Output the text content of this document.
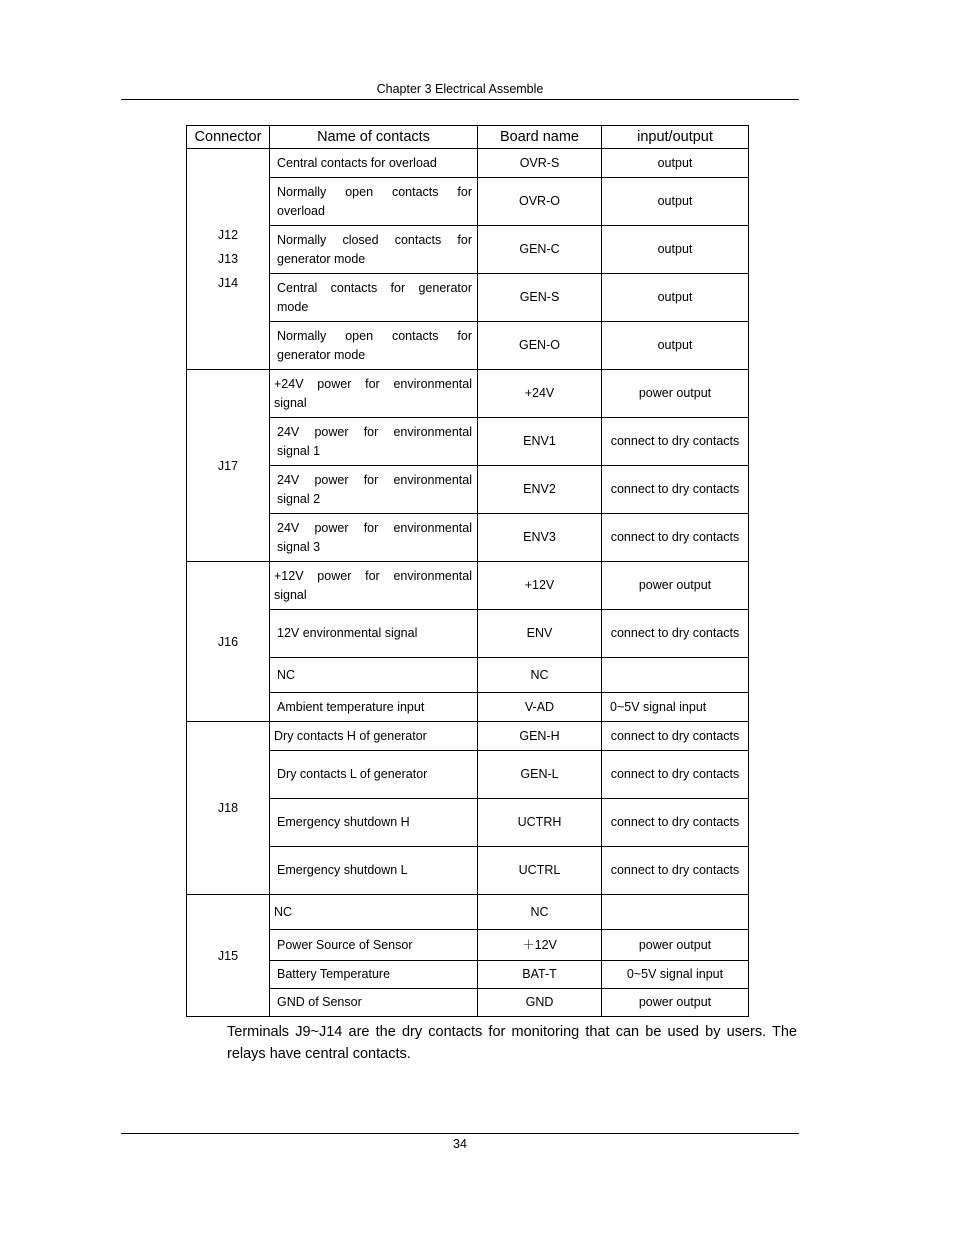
Chapter 3 Electrical Assemble
Connector	Name of contacts	Board name	input/output

J12
J13
J14	Central contacts for overload	OVR-S	output
	Normally open contacts for overload	OVR-O	output
	Normally closed contacts for generator mode	GEN-C	output
	Central contacts for generator mode	GEN-S	output
	Normally open contacts for generator mode	GEN-O	output

J17	+24V power for environmental signal	+24V	power output
	24V power for environmental signal 1	ENV1	connect to dry contacts
	24V power for environmental signal 2	ENV2	connect to dry contacts
	24V power for environmental signal 3	ENV3	connect to dry contacts

J16	+12V power for environmental signal	+12V	power output
	12V environmental signal	ENV	connect to dry contacts
	NC	NC	
	Ambient temperature input	V-AD	0~5V signal input

J18	Dry contacts H of generator	GEN-H	connect to dry contacts
	Dry contacts L of generator	GEN-L	connect to dry contacts
	Emergency shutdown H	UCTRH	connect to dry contacts
	Emergency shutdown L	UCTRL	connect to dry contacts

J15	NC	NC	
	Power Source of Sensor	＋12V	power output
	Battery Temperature	BAT-T	0~5V signal input
	GND of Sensor	GND	power output
Terminals J9~J14 are the dry contacts for monitoring that can be used by users. The relays have central contacts.
34
